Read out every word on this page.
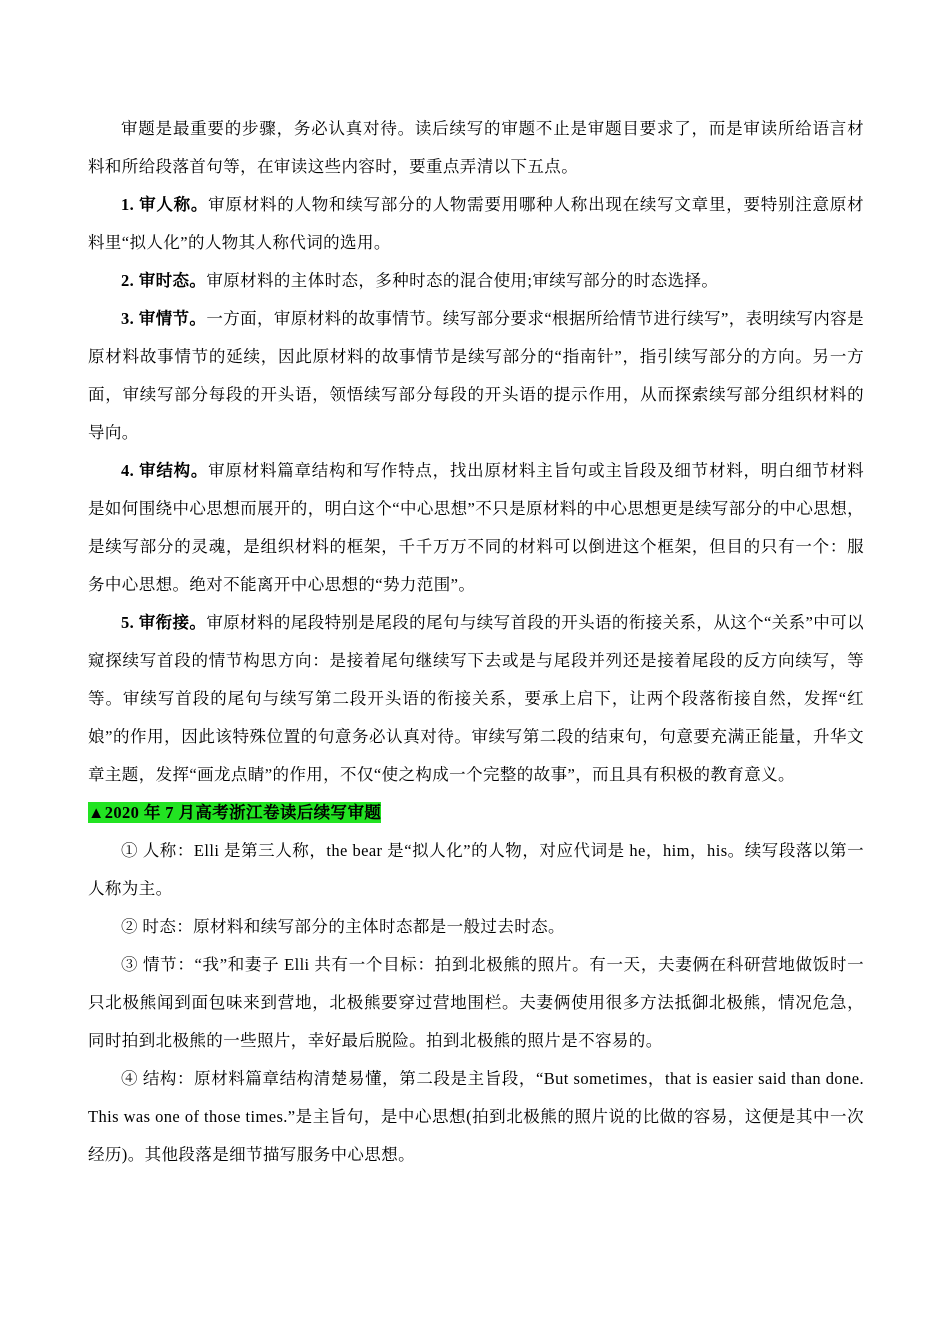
审题是最重要的步骤，务必认真对待。读后续写的审题不止是审题目要求了，而是审读所给语言材料和所给段落首句等，在审读这些内容时，要重点弄清以下五点。

1. 审人称。审原材料的人物和续写部分的人物需要用哪种人称出现在续写文章里，要特别注意原材料里“拟人化”的人物其人称代词的选用。

2. 审时态。审原材料的主体时态，多种时态的混合使用;审续写部分的时态选择。

3. 审情节。一方面，审原材料的故事情节。续写部分要求“根据所给情节进行续写”，表明续写内容是原材料故事情节的延续，因此原材料的故事情节是续写部分的“指南针”，指引续写部分的方向。另一方面，审续写部分每段的开头语，领悟续写部分每段的开头语的提示作用，从而探索续写部分组织材料的导向。

4. 审结构。审原材料篇章结构和写作特点，找出原材料主旨句或主旨段及细节材料，明白细节材料是如何围绕中心思想而展开的，明白这个“中心思想”不只是原材料的中心思想更是续写部分的中心思想，是续写部分的灵魂，是组织材料的框架，千千万万不同的材料可以倒进这个框架，但目的只有一个：服务中心思想。绝对不能离开中心思想的“势力范围”。

5. 审衔接。审原材料的尾段特别是尾段的尾句与续写首段的开头语的衔接关系，从这个“关系”中可以窥探续写首段的情节构思方向：是接着尾句继续写下去或是与尾段并列还是接着尾段的反方向续写，等等。审续写首段的尾句与续写第二段开头语的衔接关系，要承上启下，让两个段落衔接自然，发挥“红娘”的作用，因此该特殊位置的句意务必认真对待。审续写第二段的结束句，句意要充满正能量，升华文章主题，发挥“画龙点睛”的作用，不仅“使之构成一个完整的故事”，而且具有积极的教育意义。

▲2020 年 7 月高考浙江卷读后续写审题

① 人称：Elli 是第三人称，the bear 是“拟人化”的人物，对应代词是 he，him，his。续写段落以第一人称为主。

② 时态：原材料和续写部分的主体时态都是一般过去时态。

③ 情节：“我”和妻子 Elli 共有一个目标：拍到北极熊的照片。有一天，夫妻俩在科研营地做饭时一只北极熊闻到面包味来到营地，北极熊要穿过营地围栏。夫妻俩使用很多方法抵御北极熊，情况危急，同时拍到北极熊的一些照片，幸好最后脱险。拍到北极熊的照片是不容易的。

④ 结构：原材料篇章结构清楚易懂，第二段是主旨段，“But sometimes，that is easier said than done. This was one of those times.”是主旨句，是中心思想(拍到北极熊的照片说的比做的容易，这便是其中一次经历)。其他段落是细节描写服务中心思想。
